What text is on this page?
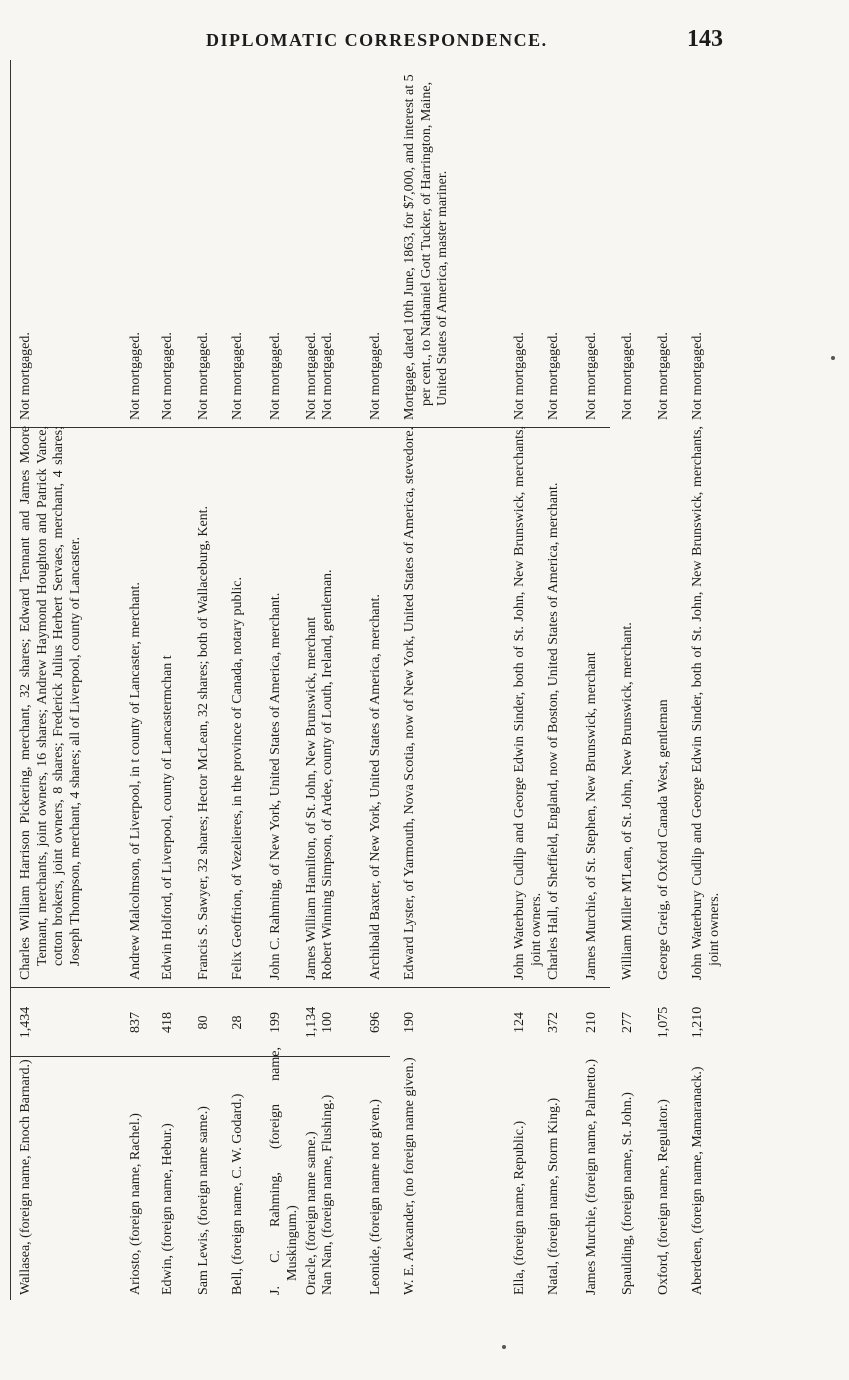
DIPLOMATIC CORRESPONDENCE.	143
Wallasea, (foreign name, Enoch Barnard.)
1,434
Charles William Harrison Pickering, merchant, 32 shares; Edward Tennant and James Moore Tennant, merchants, joint owners, 16 shares; Andrew Haymond Houghton and Patrick Vance, cotton brokers, joint owners, 8 shares; Frederick Julius Herbert Servaes, merchant, 4 shares; Joseph Thompson, merchant, 4 shares; all of Liverpool, county of Lancaster.
Not mortgaged.
Ariosto, (foreign name, Rachel.)
837
Andrew Malcolmson, of Liverpool, in t county of Lancaster, merchant.
Not mortgaged.
Edwin, (foreign name, Hebur.)
418
Edwin Holford, of Liverpool, county of Lancastermchan t
Not mortgaged.
Sam Lewis, (foreign name same.)
80
Francis S. Sawyer, 32 shares; Hector McLean, 32 shares; both of Wallaceburg, Kent.
Not mortgaged.
Bell, (foreign name, C. W. Godard.)
28
Felix Geoffrion, of Vezelieres, in the province of Canada, notary public.
Not mortgaged.
J. C. Rahming, (foreign name, Muskingum.)
199
John C. Rahming, of New York, United States of America, merchant.
Not mortgaged.
Oracle, (foreign name same.)
1,134
James William Hamilton, of St. John, New Brunswick, merchant
Not mortgaged.
Nan Nan, (foreign name, Flushing.)
100
Robert Winning Simpson, of Ardee, county of Louth, Ireland, gentleman.
Not mortgaged.
Leonide, (foreign name not given.)
696
Archibald Baxter, of New York, United States of America, merchant.
Not mortgaged.
W. E. Alexander, (no foreign name given.)
190
Edward Lyster, of Yarmouth, Nova Scotia, now of New York, United States of America, stevedore.
Mortgage, dated 10th June, 1863, for $7,000, and interest at 5 per cent., to Nathaniel Gott Tucker, of Harrington, Maine, United States of America, master mariner.
Ella, (foreign name, Republic.)
124
John Waterbury Cudlip and George Edwin Sinder, both of St. John, New Brunswick, merchants, joint owners.
Not mortgaged.
Natal, (foreign name, Storm King.)
372
Charles Hall, of Sheffield, England, now of Boston, United States of America, merchant.
Not mortgaged.
James Murchie, (foreign name, Palmetto.)
210
James Murchie, of St. Stephen, New Brunswick, merchant
Not mortgaged.
Spaulding, (foreign name, St. John.)
277
William Miller M'Lean, of St. John, New Brunswick, merchant.
Not mortgaged.
Oxford, (foreign name, Regulator.)
1,075
George Greig, of Oxford Canada West, gentleman
Not mortgaged.
Aberdeen, (foreign name, Mamaranack.)
1,210
John Waterbury Cudlip and George Edwin Sinder, both of St. John, New Brunswick, merchants, joint owners.
Not mortgaged.
